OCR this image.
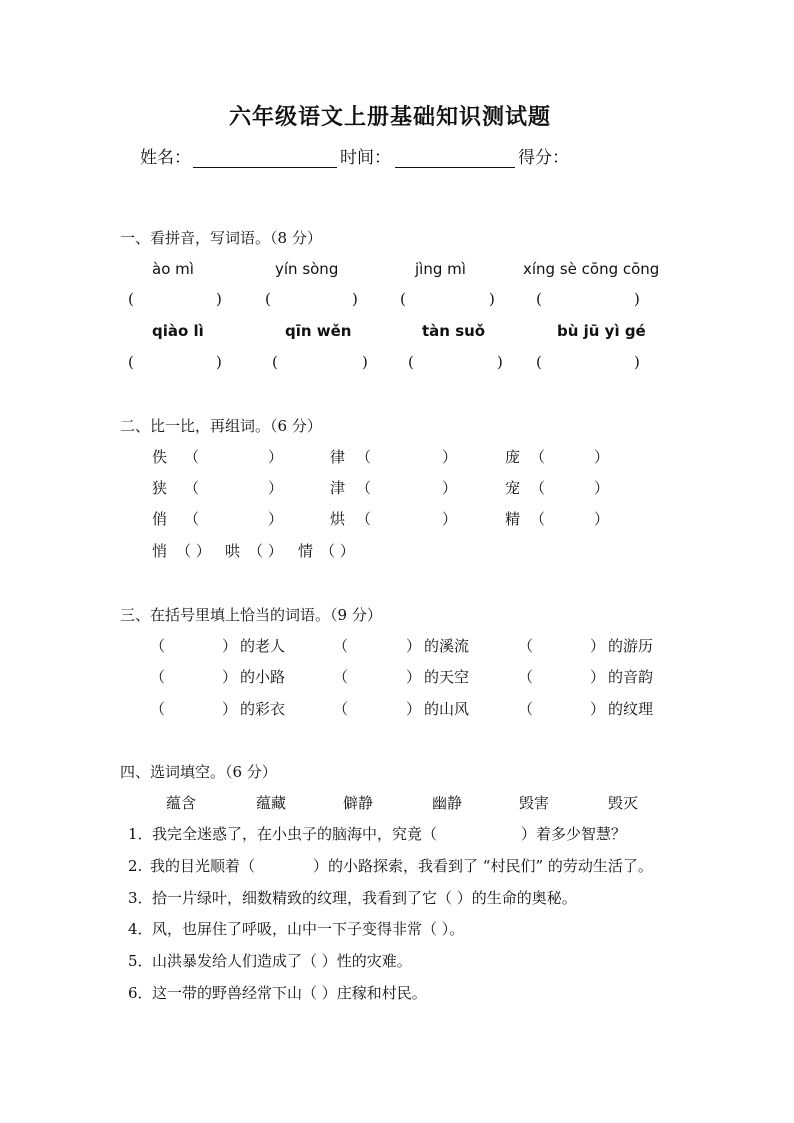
六年级语文上册基础知识测试题
姓名：	时间：	得分：
一、看拼音，写词语。（8 分）
ào mì	yín sòng	jìng mì	xíng sè cōng cōng
(	)	(	)	(	)	(	)
qiào lì	qīn wěn	tàn suǒ	bù jū yì gé
(	)	(	)	(	) (	)
二、比一比，再组词。（6 分）
佚 （	）	律 （	）	庞 （	）
狭 （	）	津 （	）	宠 （	）
俏 （	）	烘 （	）	精 （	）
悄 （ ） 哄 （ ） 情 （ ）
三、在括号里填上恰当的词语。（9 分）
（	） 的老人	（	） 的溪流	（	） 的游历
（	） 的小路	（	） 的天空	（	） 的音韵
（	） 的彩衣	（	） 的山风	（	） 的纹理
四、选词填空。（6 分）
蕴含	蕴藏	僻静	幽静	毁害	毁灭
1． 我完全迷惑了，在小虫子的脑海中，究竟（	）着多少智慧？
2. 我的目光顺着（	）的小路探索，我看到了 “村民们” 的劳动生活了。
3． 拾一片绿叶，细数精致的纹理，我看到了它（ ）的生命的奥秘。
4． 风，也屏住了呼吸，山中一下子变得非常（ ）。
5． 山洪暴发给人们造成了（ ）性的灾难。
6． 这一带的野兽经常下山（ ）庄稼和村民。
